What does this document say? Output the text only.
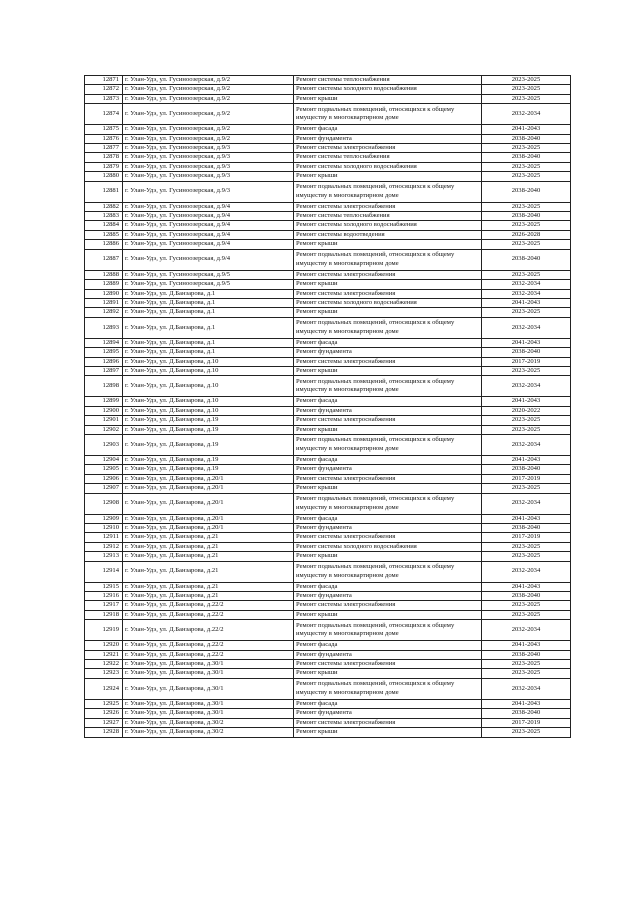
12871	г. Улан-Удэ, ул. Гусиноозерская, д.9/2	Ремонт системы теплоснабжения	2023-2025
12872	г. Улан-Удэ, ул. Гусиноозерская, д.9/2	Ремонт системы холодного водоснабжения	2023-2025
12873	г. Улан-Удэ, ул. Гусиноозерская, д.9/2	Ремонт крыши	2023-2025
12874	г. Улан-Удэ, ул. Гусиноозерская, д.9/2	Ремонт подвальных помещений, относящихся к общему имуществу в многоквартирном доме	2032-2034
12875	г. Улан-Удэ, ул. Гусиноозерская, д.9/2	Ремонт фасада	2041-2043
12876	г. Улан-Удэ, ул. Гусиноозерская, д.9/2	Ремонт фундамента	2038-2040
12877	г. Улан-Удэ, ул. Гусиноозерская, д.9/3	Ремонт системы электроснабжения	2023-2025
12878	г. Улан-Удэ, ул. Гусиноозерская, д.9/3	Ремонт системы теплоснабжения	2038-2040
12879	г. Улан-Удэ, ул. Гусиноозерская, д.9/3	Ремонт системы холодного водоснабжения	2023-2025
12880	г. Улан-Удэ, ул. Гусиноозерская, д.9/3	Ремонт крыши	2023-2025
12881	г. Улан-Удэ, ул. Гусиноозерская, д.9/3	Ремонт подвальных помещений, относящихся к общему имуществу в многоквартирном доме	2038-2040
12882	г. Улан-Удэ, ул. Гусиноозерская, д.9/4	Ремонт системы электроснабжения	2023-2025
12883	г. Улан-Удэ, ул. Гусиноозерская, д.9/4	Ремонт системы теплоснабжения	2038-2040
12884	г. Улан-Удэ, ул. Гусиноозерская, д.9/4	Ремонт системы холодного водоснабжения	2023-2025
12885	г. Улан-Удэ, ул. Гусиноозерская, д.9/4	Ремонт системы водоотведения	2026-2028
12886	г. Улан-Удэ, ул. Гусиноозерская, д.9/4	Ремонт крыши	2023-2025
12887	г. Улан-Удэ, ул. Гусиноозерская, д.9/4	Ремонт подвальных помещений, относящихся к общему имуществу в многоквартирном доме	2038-2040
12888	г. Улан-Удэ, ул. Гусиноозерская, д.9/5	Ремонт системы электроснабжения	2023-2025
12889	г. Улан-Удэ, ул. Гусиноозерская, д.9/5	Ремонт крыши	2032-2034
12890	г. Улан-Удэ, ул. Д.Банзарова, д.1	Ремонт системы электроснабжения	2032-2034
12891	г. Улан-Удэ, ул. Д.Банзарова, д.1	Ремонт системы холодного водоснабжения	2041-2043
12892	г. Улан-Удэ, ул. Д.Банзарова, д.1	Ремонт крыши	2023-2025
12893	г. Улан-Удэ, ул. Д.Банзарова, д.1	Ремонт подвальных помещений, относящихся к общему имуществу в многоквартирном доме	2032-2034
12894	г. Улан-Удэ, ул. Д.Банзарова, д.1	Ремонт фасада	2041-2043
12895	г. Улан-Удэ, ул. Д.Банзарова, д.1	Ремонт фундамента	2038-2040
12896	г. Улан-Удэ, ул. Д.Банзарова, д.10	Ремонт системы электроснабжения	2017-2019
12897	г. Улан-Удэ, ул. Д.Банзарова, д.10	Ремонт крыши	2023-2025
12898	г. Улан-Удэ, ул. Д.Банзарова, д.10	Ремонт подвальных помещений, относящихся к общему имуществу в многоквартирном доме	2032-2034
12899	г. Улан-Удэ, ул. Д.Банзарова, д.10	Ремонт фасада	2041-2043
12900	г. Улан-Удэ, ул. Д.Банзарова, д.10	Ремонт фундамента	2020-2022
12901	г. Улан-Удэ, ул. Д.Банзарова, д.19	Ремонт системы электроснабжения	2023-2025
12902	г. Улан-Удэ, ул. Д.Банзарова, д.19	Ремонт крыши	2023-2025
12903	г. Улан-Удэ, ул. Д.Банзарова, д.19	Ремонт подвальных помещений, относящихся к общему имуществу в многоквартирном доме	2032-2034
12904	г. Улан-Удэ, ул. Д.Банзарова, д.19	Ремонт фасада	2041-2043
12905	г. Улан-Удэ, ул. Д.Банзарова, д.19	Ремонт фундамента	2038-2040
12906	г. Улан-Удэ, ул. Д.Банзарова, д.20/1	Ремонт системы электроснабжения	2017-2019
12907	г. Улан-Удэ, ул. Д.Банзарова, д.20/1	Ремонт крыши	2023-2025
12908	г. Улан-Удэ, ул. Д.Банзарова, д.20/1	Ремонт подвальных помещений, относящихся к общему имуществу в многоквартирном доме	2032-2034
12909	г. Улан-Удэ, ул. Д.Банзарова, д.20/1	Ремонт фасада	2041-2043
12910	г. Улан-Удэ, ул. Д.Банзарова, д.20/1	Ремонт фундамента	2038-2040
12911	г. Улан-Удэ, ул. Д.Банзарова, д.21	Ремонт системы электроснабжения	2017-2019
12912	г. Улан-Удэ, ул. Д.Банзарова, д.21	Ремонт системы холодного водоснабжения	2023-2025
12913	г. Улан-Удэ, ул. Д.Банзарова, д.21	Ремонт крыши	2023-2025
12914	г. Улан-Удэ, ул. Д.Банзарова, д.21	Ремонт подвальных помещений, относящихся к общему имуществу в многоквартирном доме	2032-2034
12915	г. Улан-Удэ, ул. Д.Банзарова, д.21	Ремонт фасада	2041-2043
12916	г. Улан-Удэ, ул. Д.Банзарова, д.21	Ремонт фундамента	2038-2040
12917	г. Улан-Удэ, ул. Д.Банзарова, д.22/2	Ремонт системы электроснабжения	2023-2025
12918	г. Улан-Удэ, ул. Д.Банзарова, д.22/2	Ремонт крыши	2023-2025
12919	г. Улан-Удэ, ул. Д.Банзарова, д.22/2	Ремонт подвальных помещений, относящихся к общему имуществу в многоквартирном доме	2032-2034
12920	г. Улан-Удэ, ул. Д.Банзарова, д.22/2	Ремонт фасада	2041-2043
12921	г. Улан-Удэ, ул. Д.Банзарова, д.22/2	Ремонт фундамента	2038-2040
12922	г. Улан-Удэ, ул. Д.Банзарова, д.30/1	Ремонт системы электроснабжения	2023-2025
12923	г. Улан-Удэ, ул. Д.Банзарова, д.30/1	Ремонт крыши	2023-2025
12924	г. Улан-Удэ, ул. Д.Банзарова, д.30/1	Ремонт подвальных помещений, относящихся к общему имуществу в многоквартирном доме	2032-2034
12925	г. Улан-Удэ, ул. Д.Банзарова, д.30/1	Ремонт фасада	2041-2043
12926	г. Улан-Удэ, ул. Д.Банзарова, д.30/1	Ремонт фундамента	2038-2040
12927	г. Улан-Удэ, ул. Д.Банзарова, д.30/2	Ремонт системы электроснабжения	2017-2019
12928	г. Улан-Удэ, ул. Д.Банзарова, д.30/2	Ремонт крыши	2023-2025
